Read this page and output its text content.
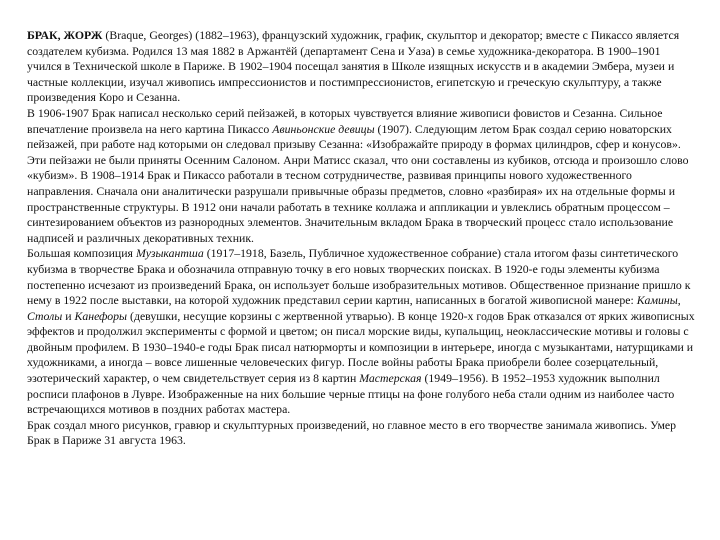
БРАК, ЖОРЖ (Braque, Georges) (1882–1963), французский художник, график, скульптор и декоратор; вместе с Пикассо является создателем кубизма. Родился 13 мая 1882 в Аржантёй (департамент Сена и Уаза) в семье художника-декоратора. В 1900–1901 учился в Технической школе в Париже. В 1902–1904 посещал занятия в Школе изящных искусств и в академии Эмбера, музеи и частные коллекции, изучал живопись импрессионистов и постимпрессионистов, египетскую и греческую скульптуру, а также произведения Коро и Сезанна.

В 1906-1907 Брак написал несколько серий пейзажей, в которых чувствуется влияние живописи фовистов и Сезанна. Сильное впечатление произвела на него картина Пикассо Авиньонские девицы (1907). Следующим летом Брак создал серию новаторских пейзажей, при работе над которыми он следовал призыву Сезанна: «Изображайте природу в формах цилиндров, сфер и конусов». Эти пейзажи не были приняты Осенним Салоном. Анри Матисс сказал, что они составлены из кубиков, отсюда и произошло слово «кубизм». В 1908–1914 Брак и Пикассо работали в тесном сотрудничестве, развивая принципы нового художественного направления. Сначала они аналитически разрушали привычные образы предметов, словно «разбирая» их на отдельные формы и пространственные структуры. В 1912 они начали работать в технике коллажа и аппликации и увлеклись обратным процессом – синтезированием объектов из разнородных элементов. Значительным вкладом Брака в творческий процесс стало использование надписей и различных декоративных техник.

Большая композиция Музыкантша (1917–1918, Базель, Публичное художественное собрание) стала итогом фазы синтетического кубизма в творчестве Брака и обозначила отправную точку в его новых творческих поисках. В 1920-е годы элементы кубизма постепенно исчезают из произведений Брака, он использует больше изобразительных мотивов. Общественное признание пришло к нему в 1922 после выставки, на которой художник представил серии картин, написанных в богатой живописной манере: Камины, Столы и Канефоры (девушки, несущие корзины с жертвенной утварью). В конце 1920-х годов Брак отказался от ярких живописных эффектов и продолжил эксперименты с формой и цветом; он писал морские виды, купальщиц, неоклассические мотивы и головы с двойным профилем. В 1930–1940-е годы Брак писал натюрморты и композиции в интерьере, иногда с музыкантами, натурщиками и художниками, а иногда – вовсе лишенные человеческих фигур. После войны работы Брака приобрели более созерцательный, эзотерический характер, о чем свидетельствует серия из 8 картин Мастерская (1949–1956). В 1952–1953 художник выполнил росписи плафонов в Лувре. Изображенные на них большие черные птицы на фоне голубого неба стали одним из наиболее часто встречающихся мотивов в поздних работах мастера.

Брак создал много рисунков, гравюр и скульптурных произведений, но главное место в его творчестве занимала живопись. Умер Брак в Париже 31 августа 1963.
